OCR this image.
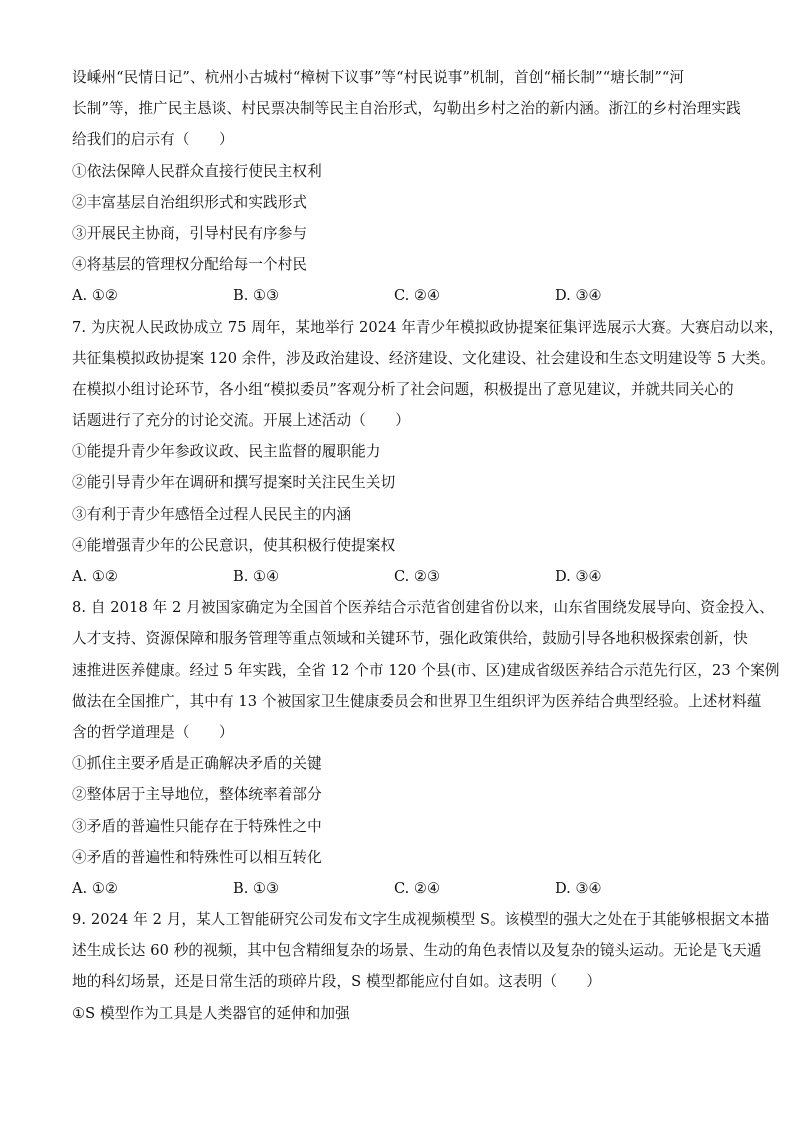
设嵊州“民情日记”、杭州小古城村“樟树下议事”等“村民说事”机制，首创“桶长制”“塘长制”“河
长制”等，推广民主恳谈、村民票决制等民主自治形式，勾勒出乡村之治的新内涵。浙江的乡村治理实践
给我们的启示有（　　）
①依法保障人民群众直接行使民主权利
②丰富基层自治组织形式和实践形式
③开展民主协商，引导村民有序参与
④将基层的管理权分配给每一个村民
A. ①②	B. ①③	C. ②④	D. ③④
7. 为庆祝人民政协成立 75 周年，某地举行 2024 年青少年模拟政协提案征集评选展示大赛。大赛启动以来，
共征集模拟政协提案 120 余件，涉及政治建设、经济建设、文化建设、社会建设和生态文明建设等 5 大类。
在模拟小组讨论环节，各小组“模拟委员”客观分析了社会问题，积极提出了意见建议，并就共同关心的
话题进行了充分的讨论交流。开展上述活动（　　）
①能提升青少年参政议政、民主监督的履职能力
②能引导青少年在调研和撰写提案时关注民生关切
③有利于青少年感悟全过程人民民主的内涵
④能增强青少年的公民意识，使其积极行使提案权
A. ①②	B. ①④	C. ②③	D. ③④
8. 自 2018 年 2 月被国家确定为全国首个医养结合示范省创建省份以来，山东省围绕发展导向、资金投入、
人才支持、资源保障和服务管理等重点领域和关键环节，强化政策供给，鼓励引导各地积极探索创新，快
速推进医养健康。经过 5 年实践，全省 12 个市 120 个县(市、区)建成省级医养结合示范先行区，23 个案例
做法在全国推广，其中有 13 个被国家卫生健康委员会和世界卫生组织评为医养结合典型经验。上述材料蕴
含的哲学道理是（　　）
①抓住主要矛盾是正确解决矛盾的关键
②整体居于主导地位，整体统率着部分
③矛盾的普遍性只能存在于特殊性之中
④矛盾的普遍性和特殊性可以相互转化
A. ①②	B. ①③	C. ②④	D. ③④
9. 2024 年 2 月，某人工智能研究公司发布文字生成视频模型 S。该模型的强大之处在于其能够根据文本描
述生成长达 60 秒的视频，其中包含精细复杂的场景、生动的角色表情以及复杂的镜头运动。无论是飞天遁
地的科幻场景，还是日常生活的琐碎片段，S 模型都能应付自如。这表明（　　）
①S 模型作为工具是人类器官的延伸和加强
